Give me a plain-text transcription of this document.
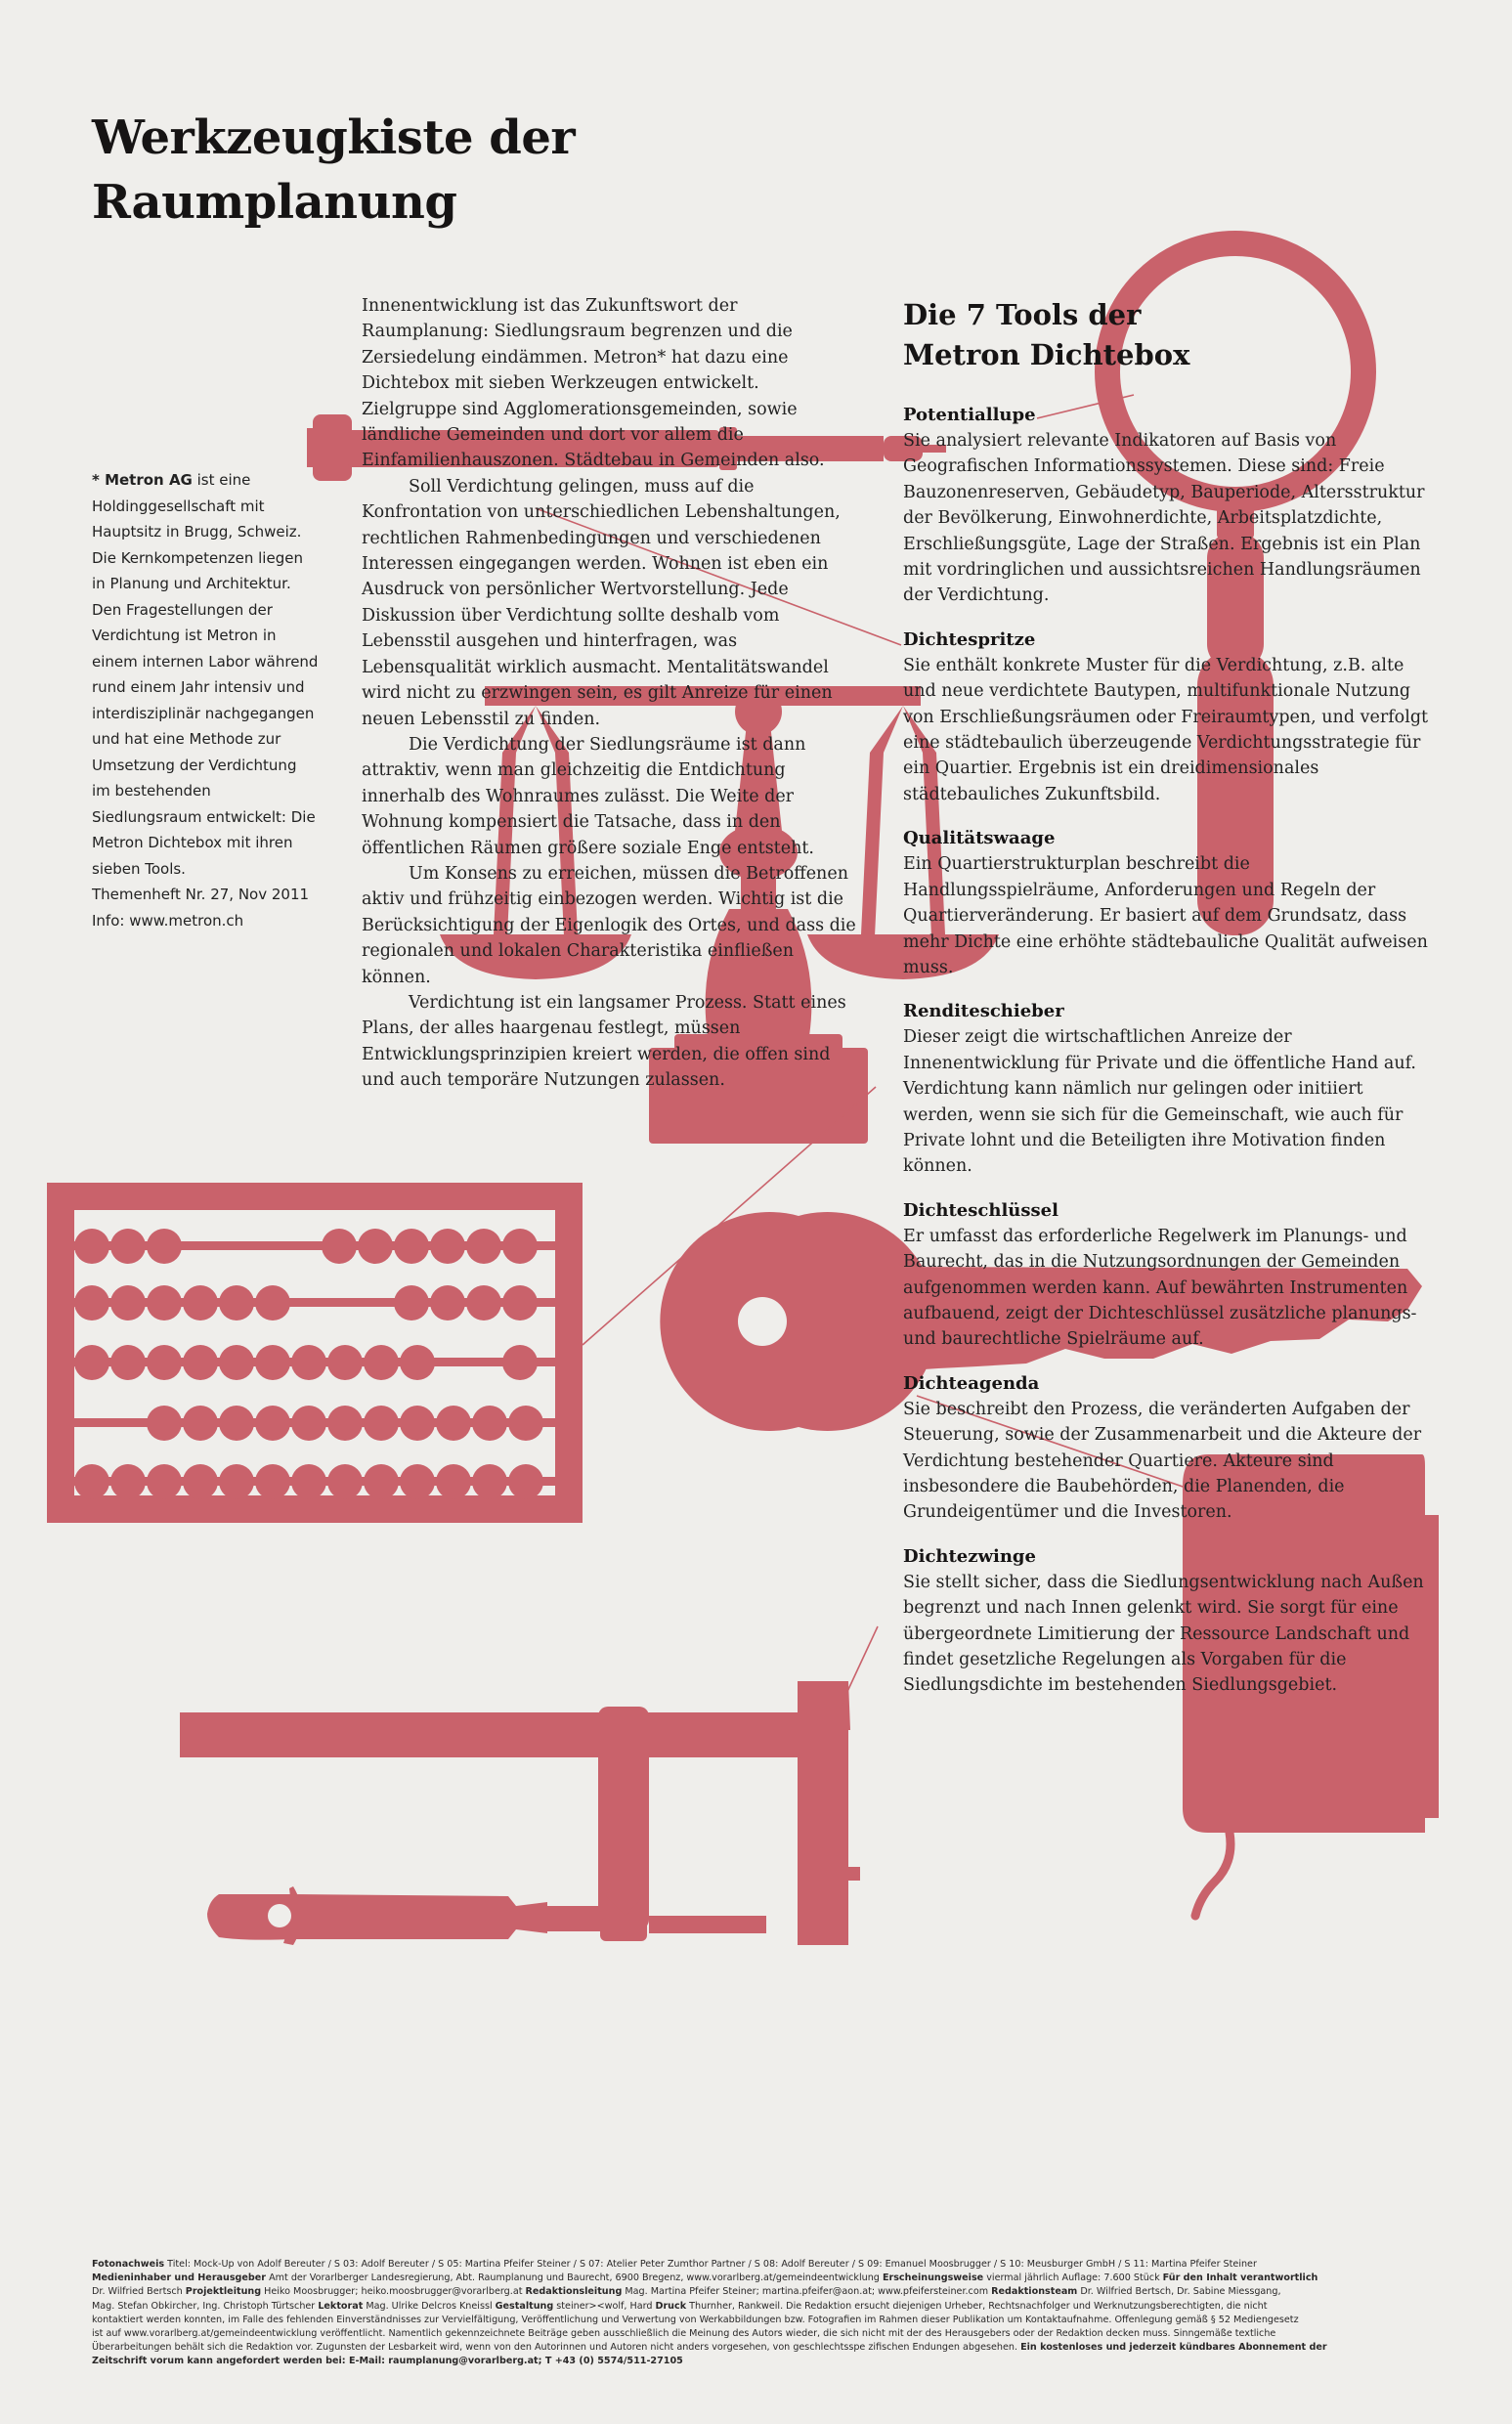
Werkzeugkiste der Raumplanung
* Metron AG ist eine Holdinggesellschaft mit Hauptsitz in Brugg, Schweiz. Die Kernkompetenzen liegen in Planung und Architektur. Den Fragestellungen der Verdichtung ist Metron in einem internen Labor während rund einem Jahr intensiv und interdisziplinär nachgegangen und hat eine Methode zur Umsetzung der Verdichtung im bestehenden Siedlungsraum entwickelt: Die Metron Dichtebox mit ihren sieben Tools.
Themenheft Nr. 27, Nov 2011
Info: www.metron.ch

Innenentwicklung ist das Zukunftswort der Raumplanung: Siedlungsraum begrenzen und die Zersiedelung eindämmen. Metron* hat dazu eine Dichtebox mit sieben Werkzeugen entwickelt. Zielgruppe sind Agglomerationsgemeinden, sowie ländliche Gemeinden und dort vor allem die Einfamilienhauszonen. Städtebau in Gemeinden also.

Soll Verdichtung gelingen, muss auf die Konfrontation von unterschiedlichen Lebenshaltungen, rechtlichen Rahmenbedingungen und verschiedenen Interessen eingegangen werden. Wohnen ist eben ein Ausdruck von persönlicher Wertvorstellung. Jede Diskussion über Verdichtung sollte deshalb vom Lebensstil ausgehen und hinterfragen, was Lebensqualität wirklich ausmacht. Mentalitätswandel wird nicht zu erzwingen sein, es gilt Anreize für einen neuen Lebensstil zu finden.

Die Verdichtung der Siedlungsräume ist dann attraktiv, wenn man gleichzeitig die Entdichtung innerhalb des Wohnraumes zulässt. Die Weite der Wohnung kompensiert die Tatsache, dass in den öffentlichen Räumen größere soziale Enge entsteht.

Um Konsens zu erreichen, müssen die Betroffenen aktiv und frühzeitig einbezogen werden. Wichtig ist die Berücksichtigung der Eigenlogik des Ortes, und dass die regionalen und lokalen Charakteristika einfließen können.

Verdichtung ist ein langsamer Prozess. Statt eines Plans, der alles haargenau festlegt, müssen Entwicklungsprinzipien kreiert werden, die offen sind und auch temporäre Nutzungen zulassen.

Die 7 Tools der Metron Dichtebox
Potentiallupe

Sie analysiert relevante Indikatoren auf Basis von Geografischen Informationssystemen. Diese sind: Freie Bauzonenreserven, Gebäudetyp, Bauperiode, Altersstruktur der Bevölkerung, Einwohnerdichte, Arbeitsplatzdichte, Erschließungsgüte, Lage der Straßen. Ergebnis ist ein Plan mit vordringlichen und aussichtsreichen Handlungsräumen der Verdichtung.

Dichtespritze

Sie enthält konkrete Muster für die Verdichtung, z.B. alte und neue verdichtete Bautypen, multifunktionale Nutzung von Erschließungsräumen oder Freiraumtypen, und verfolgt eine städtebaulich überzeugende Verdichtungsstrategie für ein Quartier. Ergebnis ist ein dreidimensionales städtebauliches Zukunftsbild.

Qualitätswaage

Ein Quartierstrukturplan beschreibt die Handlungsspielräume, Anforderungen und Regeln der Quartierveränderung. Er basiert auf dem Grundsatz, dass mehr Dichte eine erhöhte städtebauliche Qualität aufweisen muss.

Renditeschieber

Dieser zeigt die wirtschaftlichen Anreize der Innenentwicklung für Private und die öffentliche Hand auf. Verdichtung kann nämlich nur gelingen oder initiiert werden, wenn sie sich für die Gemeinschaft, wie auch für Private lohnt und die Beteiligten ihre Motivation finden können.

Dichteschlüssel

Er umfasst das erforderliche Regelwerk im Planungs- und Baurecht, das in die Nutzungsordnungen der Gemeinden aufgenommen werden kann. Auf bewährten Instrumenten aufbauend, zeigt der Dichteschlüssel zusätzliche planungs- und baurechtliche Spielräume auf.

Dichteagenda

Sie beschreibt den Prozess, die veränderten Aufgaben der Steuerung, sowie der Zusammenarbeit und die Akteure der Verdichtung bestehender Quartiere. Akteure sind insbesondere die Baubehörden, die Planenden, die Grundeigentümer und die Investoren.

Dichtezwinge

Sie stellt sicher, dass die Siedlungsentwicklung nach Außen begrenzt und nach Innen gelenkt wird. Sie sorgt für eine übergeordnete Limitierung der Ressource Landschaft und findet gesetzliche Regelungen als Vorgaben für die Siedlungsdichte im bestehenden Siedlungsgebiet.

Fotonachweis Titel: Mock-Up von Adolf Bereuter / S 03: Adolf Bereuter / S 05: Martina Pfeifer Steiner / S 07: Atelier Peter Zumthor Partner / S 08: Adolf Bereuter / S 09: Emanuel Moosbrugger / S 10: Meusburger GmbH / S 11: Martina Pfeifer Steiner
Medieninhaber und Herausgeber Amt der Vorarlberger Landesregierung, Abt. Raumplanung und Baurecht, 6900 Bregenz, www.vorarlberg.at/gemeindeentwicklung Erscheinungsweise viermal jährlich Auflage: 7.600 Stück Für den Inhalt verantwortlich
Dr. Wilfried Bertsch Projektleitung Heiko Moosbrugger; heiko.moosbrugger@vorarlberg.at Redaktionsleitung Mag. Martina Pfeifer Steiner; martina.pfeifer@aon.at; www.pfeifersteiner.com Redaktionsteam Dr. Wilfried Bertsch, Dr. Sabine Miessgang,
Mag. Stefan Obkircher, Ing. Christoph Türtscher Lektorat Mag. Ulrike Delcros Kneissl Gestaltung steiner><wolf, Hard Druck Thurnher, Rankweil. Die Redaktion ersucht diejenigen Urheber, Rechtsnachfolger und Werknutzungsberechtigten, die nicht
kontaktiert werden konnten, im Falle des fehlenden Einverständnisses zur Vervielfältigung, Veröffentlichung und Verwertung von Werkabbildungen bzw. Fotografien im Rahmen dieser Publikation um Kontaktaufnahme. Offenlegung gemäß § 52 Mediengesetz
ist auf www.vorarlberg.at/gemeindeentwicklung veröffentlicht. Namentlich gekennzeichnete Beiträge geben ausschließlich die Meinung des Autors wieder, die sich nicht mit der des Herausgebers oder der Redaktion decken muss. Sinngemäße textliche
Überarbeitungen behält sich die Redaktion vor. Zugunsten der Lesbarkeit wird, wenn von den Autorinnen und Autoren nicht anders vorgesehen, von geschlechtsspe zifischen Endungen abgesehen. Ein kostenloses und jederzeit kündbares Abonnement der
Zeitschrift vorum kann angefordert werden bei: E-Mail: raumplanung@vorarlberg.at; T +43 (0) 5574/511-27105
